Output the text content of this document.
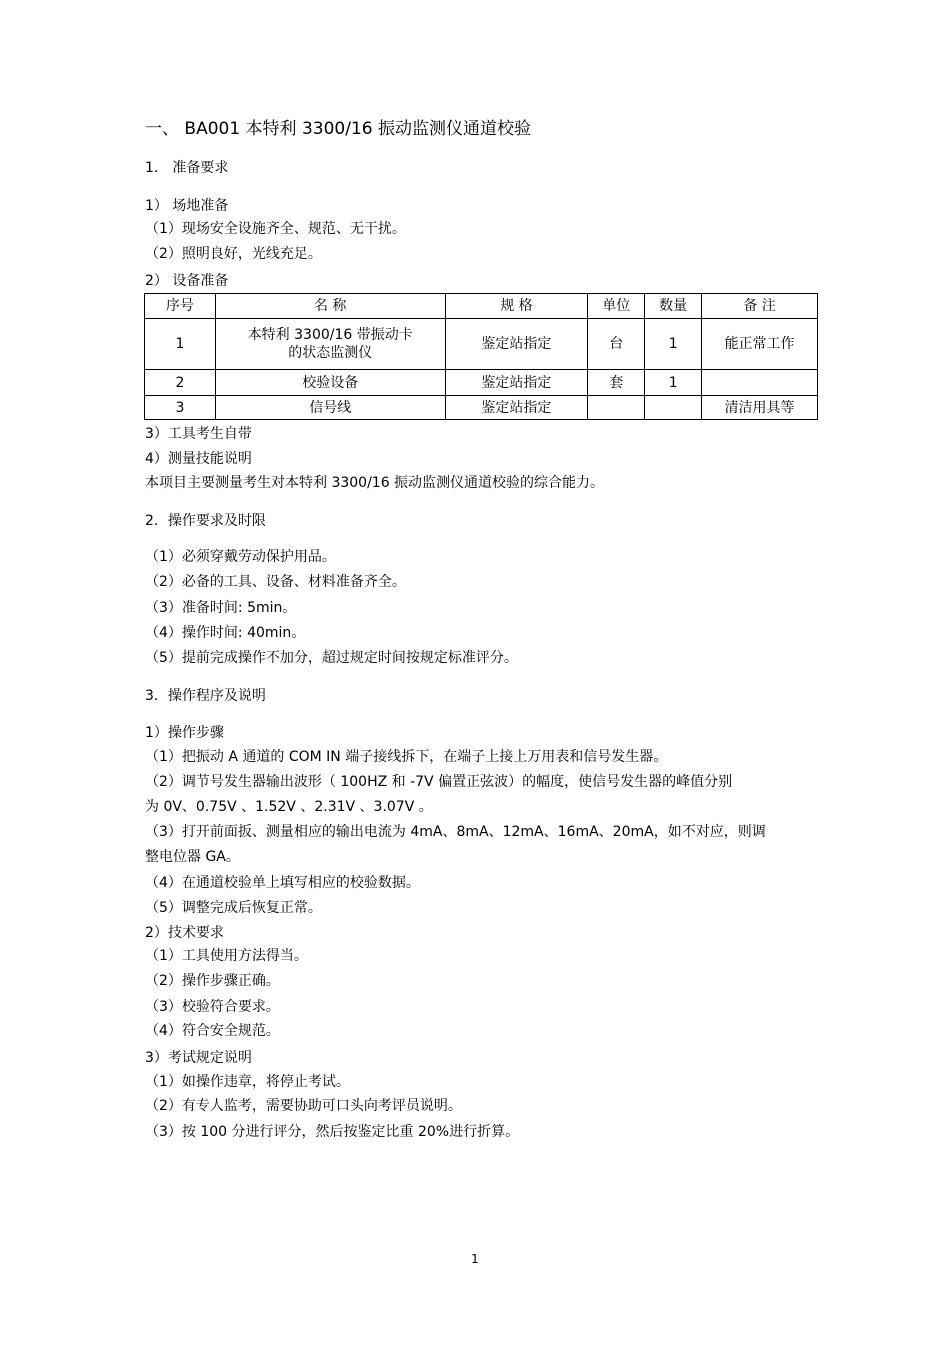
一、 BA001 本特利 3300/16 振动监测仪通道校验
1． 准备要求
1） 场地准备
（1）现场安全设施齐全、规范、无干扰。
（2）照明良好，光线充足。
2） 设备准备
序号	名 称	规 格	单位	数量	备 注
1	本特利 3300/16 带振动卡
的状态监测仪	鉴定站指定	台	1	能正常工作
2	校验设备	鉴定站指定	套	1	
3	信号线	鉴定站指定			清洁用具等
3）工具考生自带
4）测量技能说明
本项目主要测量考生对本特利 3300/16 振动监测仪通道校验的综合能力。
2．操作要求及时限
（1）必须穿戴劳动保护用品。
（2）必备的工具、设备、材料准备齐全。
（3）准备时间: 5min。
（4）操作时间: 40min。
（5）提前完成操作不加分，超过规定时间按规定标准评分。
3．操作程序及说明
1）操作步骤
（1）把振动 A 通道的 COM IN 端子接线拆下，在端子上接上万用表和信号发生器。
（2）调节号发生器输出波形（ 100HZ 和 -7V 偏置正弦波）的幅度，使信号发生器的峰值分别
为 0V、0.75V 、1.52V 、2.31V 、3.07V 。
（3）打开前面扳、测量相应的输出电流为 4mA、8mA、12mA、16mA、20mA，如不对应，则调
整电位器 GA。
（4）在通道校验单上填写相应的校验数据。
（5）调整完成后恢复正常。
2）技术要求
（1）工具使用方法得当。
（2）操作步骤正确。
（3）校验符合要求。
（4）符合安全规范。
3）考试规定说明
（1）如操作违章，将停止考试。
（2）有专人监考，需要协助可口头向考评员说明。
（3）按 100 分进行评分，然后按鉴定比重 20%进行折算。
1
